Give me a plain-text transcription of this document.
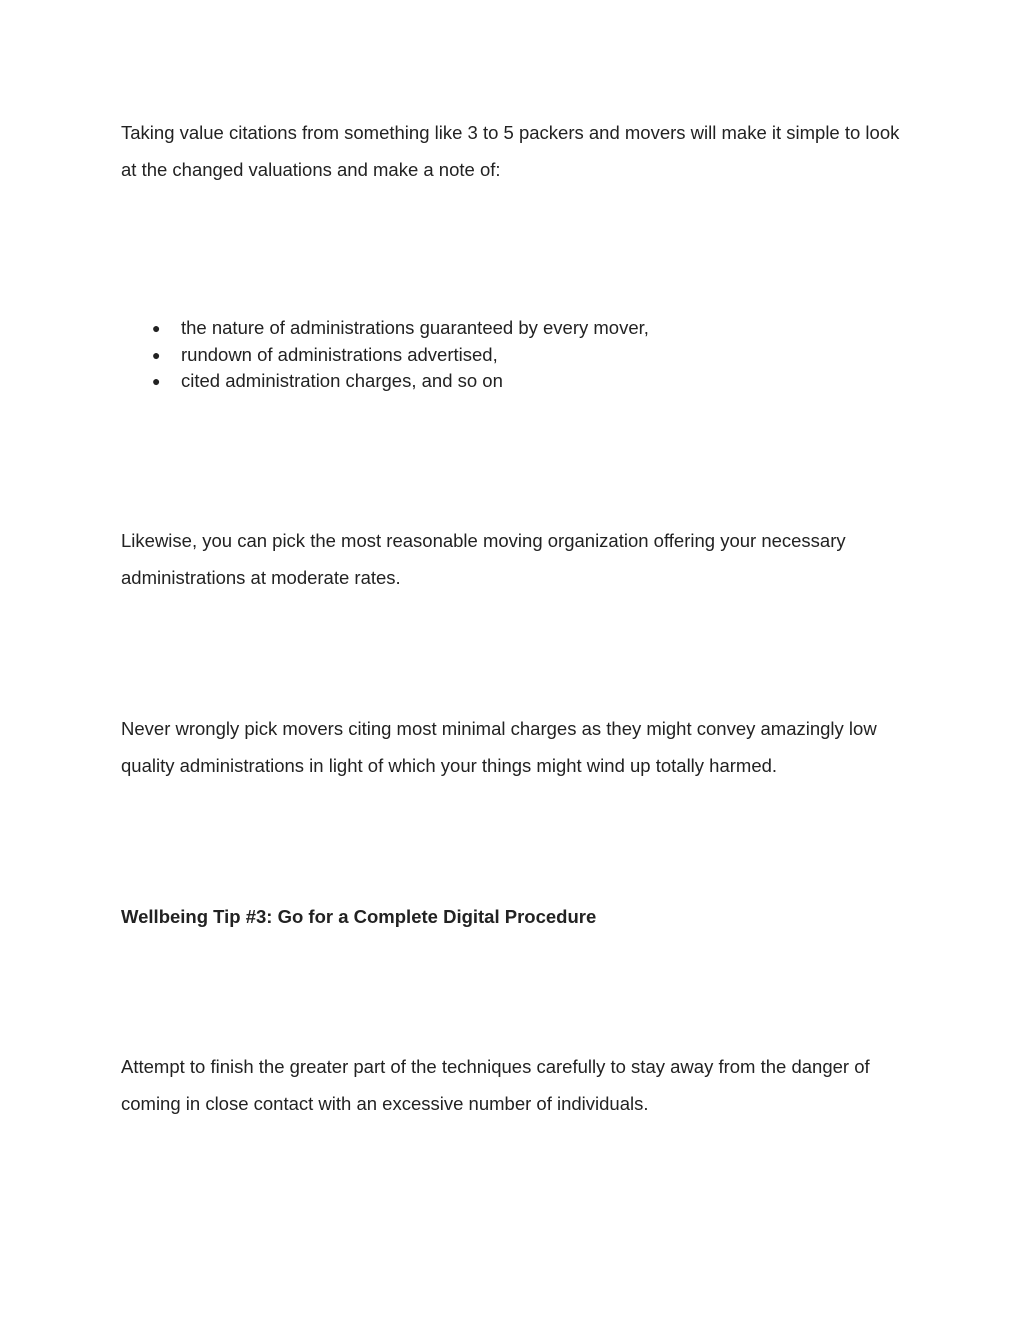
Taking value citations from something like 3 to 5 packers and movers will make it simple to look at the changed valuations and make a note of:

● the nature of administrations guaranteed by every mover,
● rundown of administrations advertised,
● cited administration charges, and so on

Likewise, you can pick the most reasonable moving organization offering your necessary administrations at moderate rates.

Never wrongly pick movers citing most minimal charges as they might convey amazingly low quality administrations in light of which your things might wind up totally harmed.

Wellbeing Tip #3: Go for a Complete Digital Procedure

Attempt to finish the greater part of the techniques carefully to stay away from the danger of coming in close contact with an excessive number of individuals.
